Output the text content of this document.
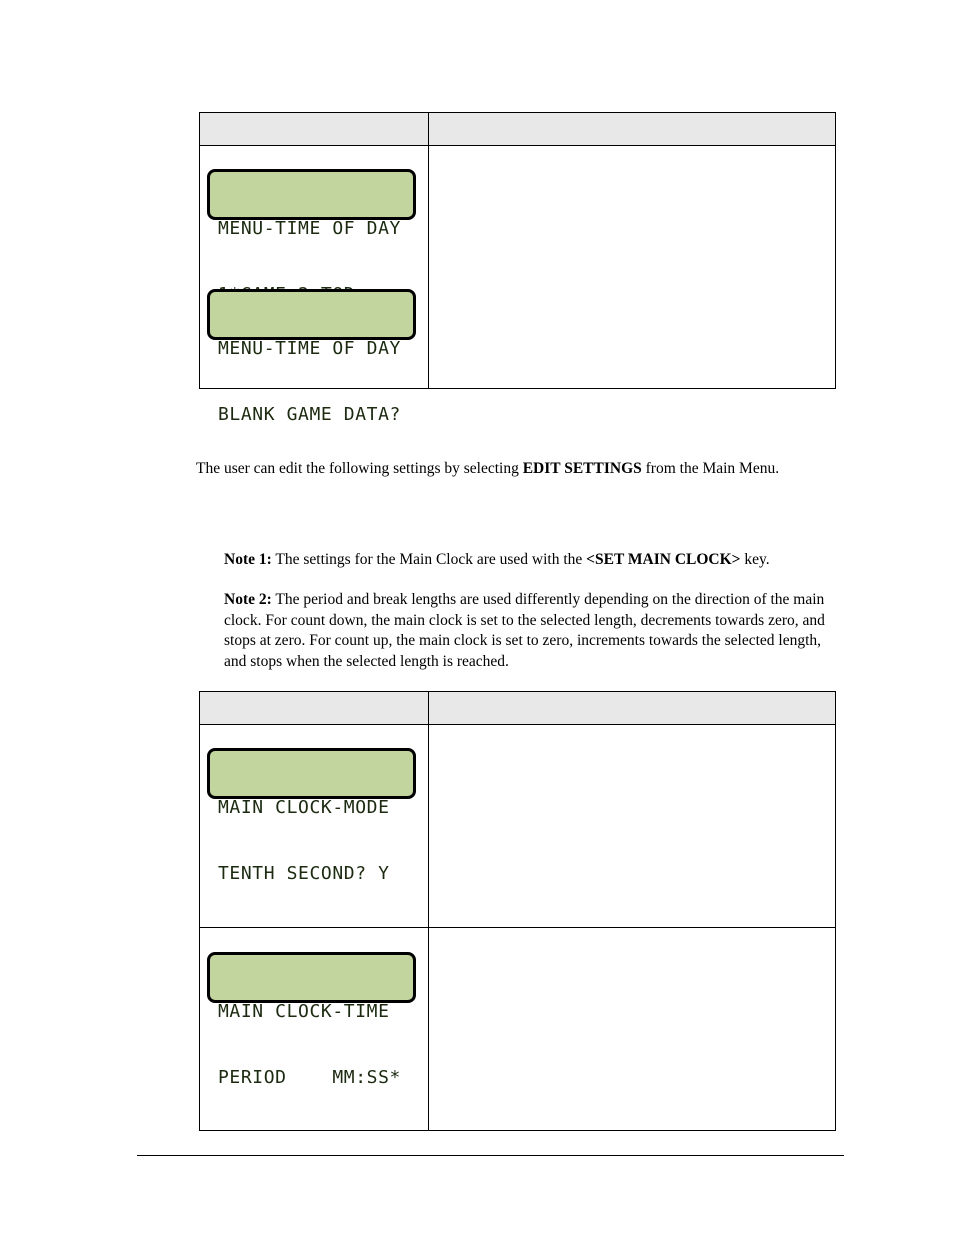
MENU-TIME OF DAY

MENU-TIME OF DAY

BLANK GAME DATA?	

The user can edit the following settings by selecting EDIT SETTINGS from the Main Menu.

Note 1: The settings for the Main Clock are used with the <SET MAIN CLOCK> key.

Note 2: The period and break lengths are used differently depending on the direction of the main clock. For count down, the main clock is set to the selected length, decrements towards zero, and stops at zero. For count up, the main clock is set to zero, increments towards the selected length, and stops when the selected length is reached.

MAIN CLOCK-MODE

TENTH SECOND? Y	

MAIN CLOCK-TIME

PERIOD    MM:SS*	
